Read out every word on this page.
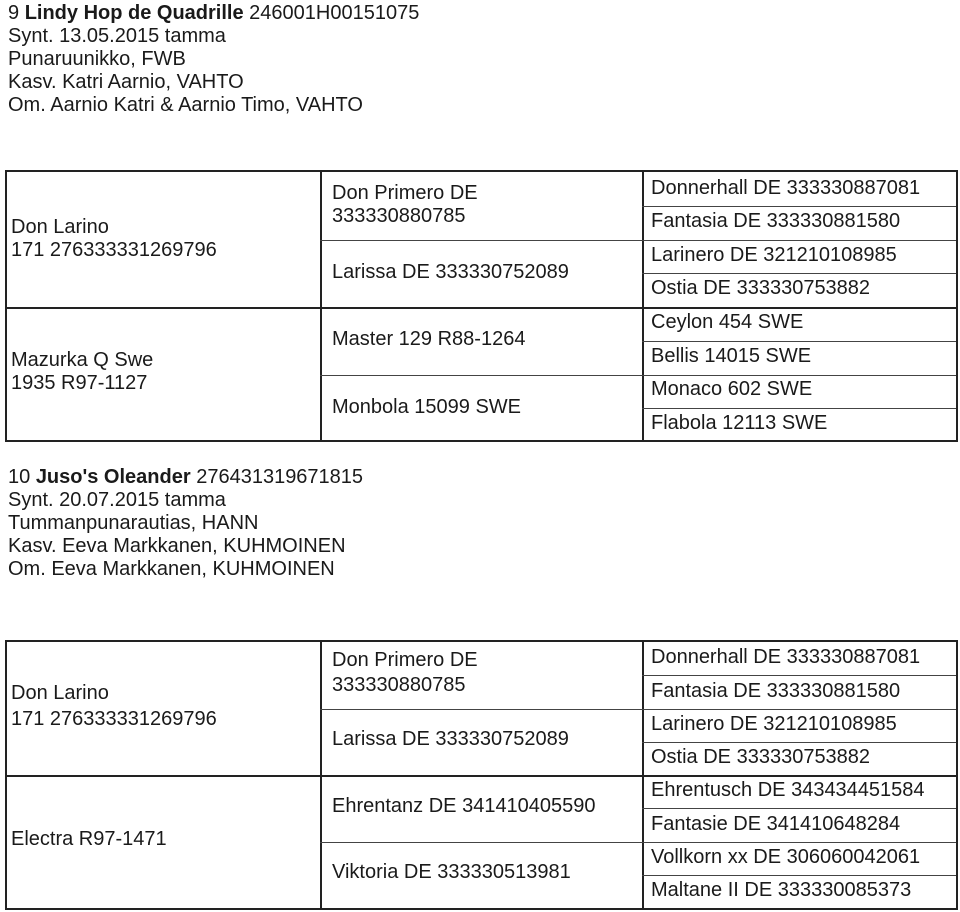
9 Lindy Hop de Quadrille 246001H00151075
Synt. 13.05.2015 tamma
Punaruunikko, FWB
Kasv. Katri Aarnio, VAHTO
Om. Aarnio Katri & Aarnio Timo, VAHTO
Don Larino
171 276333331269796
Mazurka Q Swe
1935 R97-1127
Don Primero DE
333330880785
Larissa DE 333330752089
Master 129 R88-1264
Monbola 15099 SWE
Donnerhall DE 333330887081
Fantasia DE 333330881580
Larinero DE 321210108985
Ostia DE 333330753882
Ceylon 454 SWE
Bellis 14015 SWE
Monaco 602 SWE
Flabola 12113 SWE
10 Juso's Oleander 276431319671815
Synt. 20.07.2015 tamma
Tummanpunarautias, HANN
Kasv. Eeva Markkanen, KUHMOINEN
Om. Eeva Markkanen, KUHMOINEN
Don Larino
171 276333331269796
Electra R97-1471
Don Primero DE
333330880785
Larissa DE 333330752089
Ehrentanz DE 341410405590
Viktoria DE 333330513981
Donnerhall DE 333330887081
Fantasia DE 333330881580
Larinero DE 321210108985
Ostia DE 333330753882
Ehrentusch DE 343434451584
Fantasie DE 341410648284
Vollkorn xx DE 306060042061
Maltane II DE 333330085373
